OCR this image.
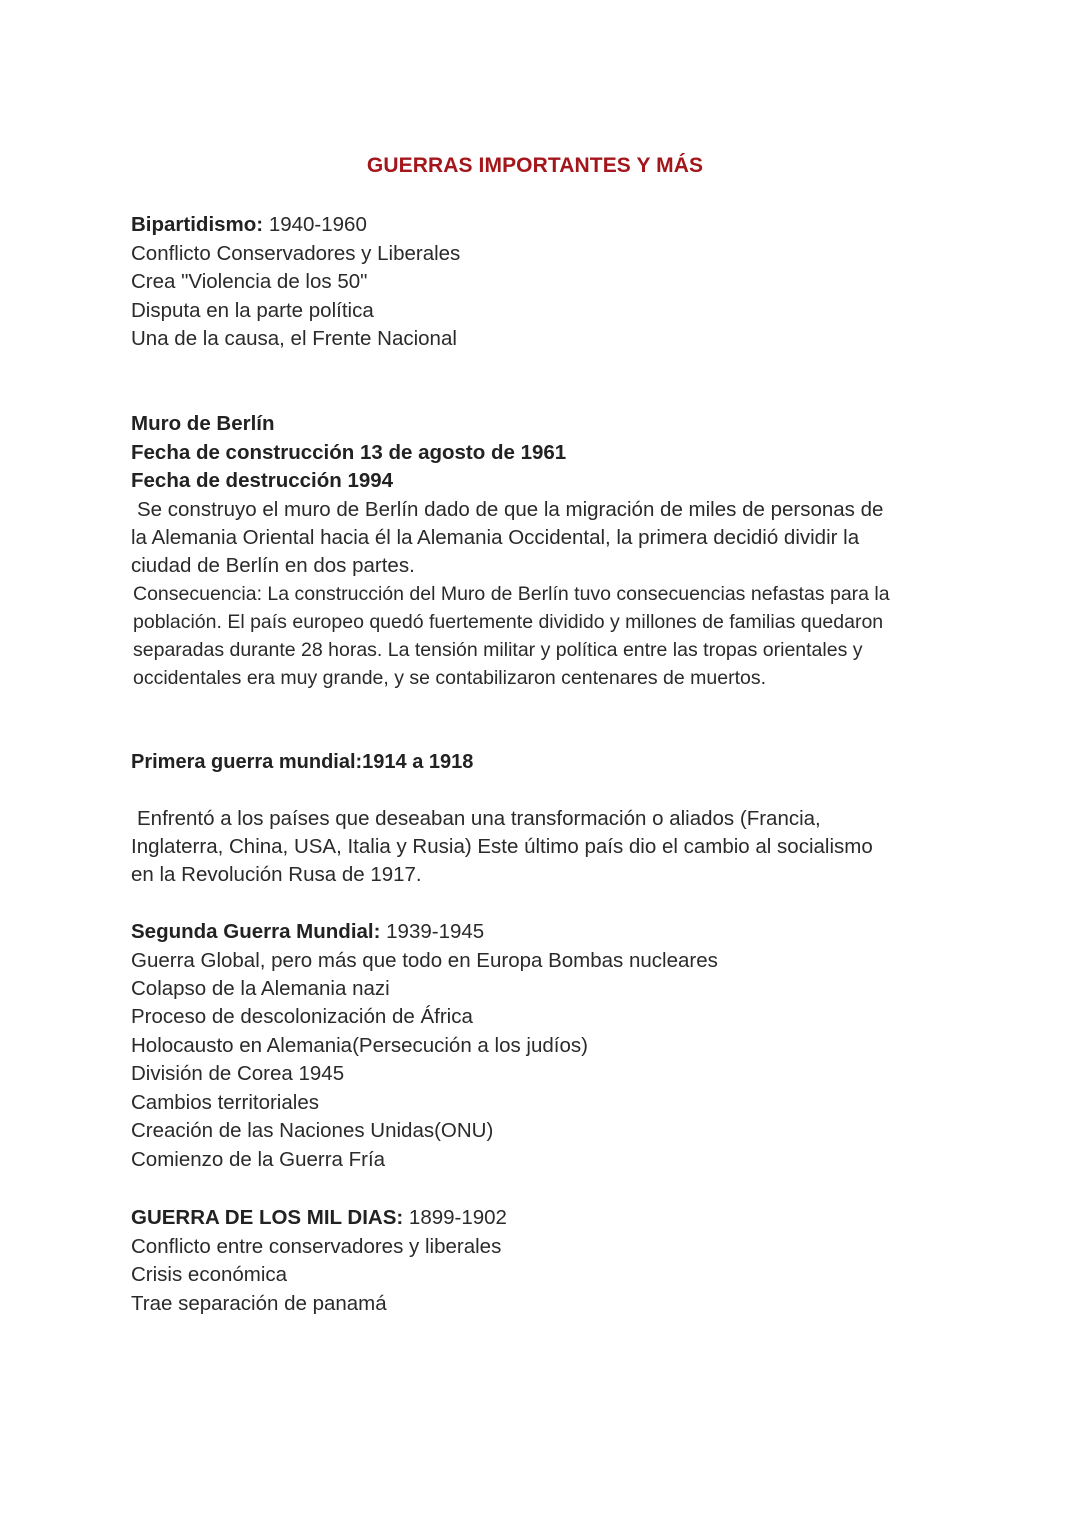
GUERRAS IMPORTANTES Y MÁS
Bipartidismo: 1940-1960
Conflicto Conservadores y Liberales
Crea "Violencia de los 50"
Disputa en la parte política
Una de la causa, el Frente Nacional
Muro de Berlín
Fecha de construcción 13 de agosto de 1961
Fecha de destrucción 1994
Se construyo el muro de Berlín dado de que la migración de miles de personas de
la Alemania Oriental hacia él la Alemania Occidental, la primera decidió dividir la
ciudad de Berlín en dos partes.
Consecuencia: La construcción del Muro de Berlín tuvo consecuencias nefastas para la
población. El país europeo quedó fuertemente dividido y millones de familias quedaron
separadas durante 28 horas. La tensión militar y política entre las tropas orientales y
occidentales era muy grande, y se contabilizaron centenares de muertos.
Primera guerra mundial:1914 a 1918
Enfrentó a los países que deseaban una transformación o aliados (Francia,
Inglaterra, China, USA, Italia y Rusia) Este último país dio el cambio al socialismo
en la Revolución Rusa de 1917.
Segunda Guerra Mundial: 1939-1945
Guerra Global, pero más que todo en Europa Bombas nucleares
Colapso de la Alemania nazi
Proceso de descolonización de África
Holocausto en Alemania(Persecución a los judíos)
División de Corea 1945
Cambios territoriales
Creación de las Naciones Unidas(ONU)
Comienzo de la Guerra Fría
GUERRA DE LOS MIL DIAS: 1899-1902
Conflicto entre conservadores y liberales
Crisis económica
Trae separación de panamá
